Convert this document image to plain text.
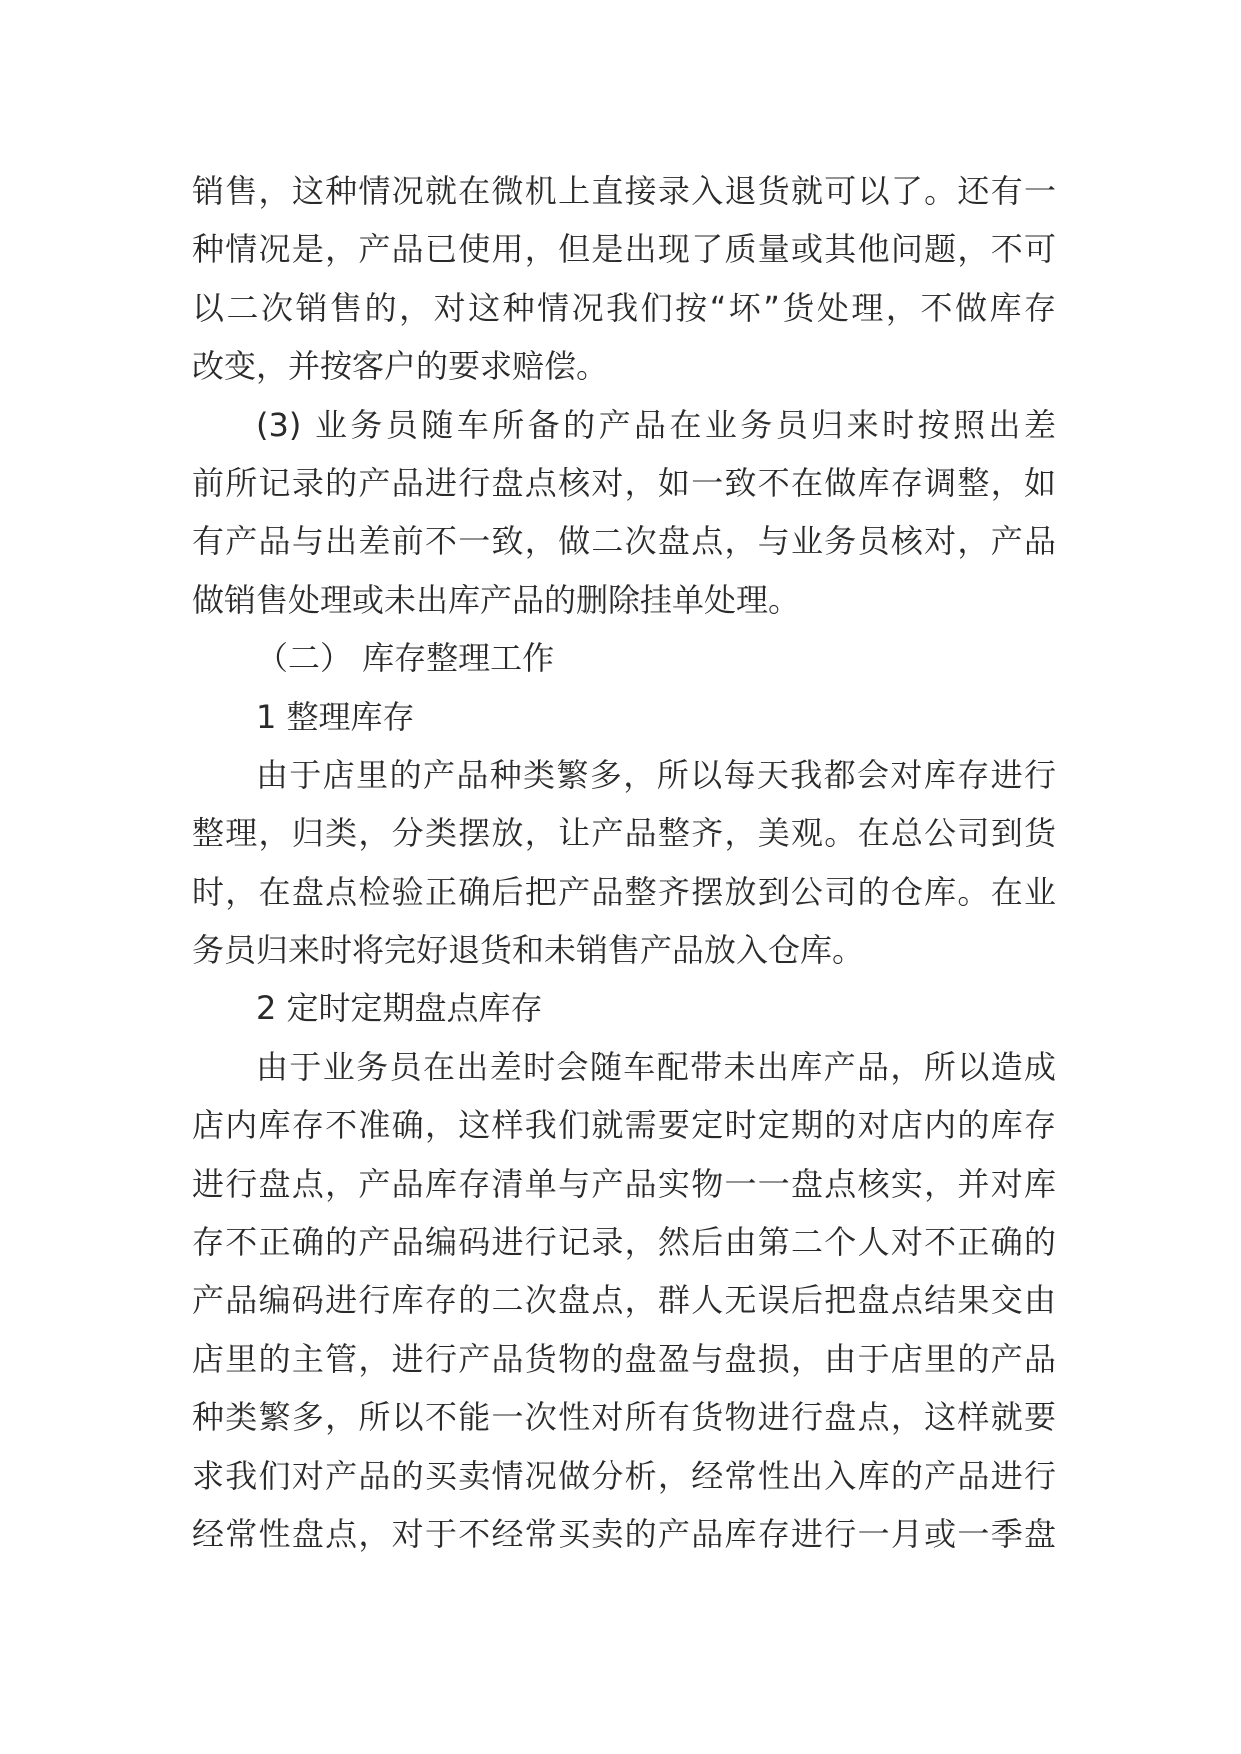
销售，这种情况就在微机上直接录入退货就可以了。还有一
种情况是，产品已使用，但是出现了质量或其他问题，不可
以二次销售的，对这种情况我们按“坏”货处理，不做库存
改变，并按客户的要求赔偿。
(3) 业务员随车所备的产品在业务员归来时按照出差
前所记录的产品进行盘点核对，如一致不在做库存调整，如
有产品与出差前不一致，做二次盘点，与业务员核对，产品
做销售处理或未出库产品的删除挂单处理。
（二） 库存整理工作
1 整理库存
由于店里的产品种类繁多，所以每天我都会对库存进行
整理，归类，分类摆放，让产品整齐，美观。在总公司到货
时，在盘点检验正确后把产品整齐摆放到公司的仓库。在业
务员归来时将完好退货和未销售产品放入仓库。
2 定时定期盘点库存
由于业务员在出差时会随车配带未出库产品，所以造成
店内库存不准确，这样我们就需要定时定期的对店内的库存
进行盘点，产品库存清单与产品实物一一盘点核实，并对库
存不正确的产品编码进行记录，然后由第二个人对不正确的
产品编码进行库存的二次盘点，群人无误后把盘点结果交由
店里的主管，进行产品货物的盘盈与盘损，由于店里的产品
种类繁多，所以不能一次性对所有货物进行盘点，这样就要
求我们对产品的买卖情况做分析，经常性出入库的产品进行
经常性盘点，对于不经常买卖的产品库存进行一月或一季盘
